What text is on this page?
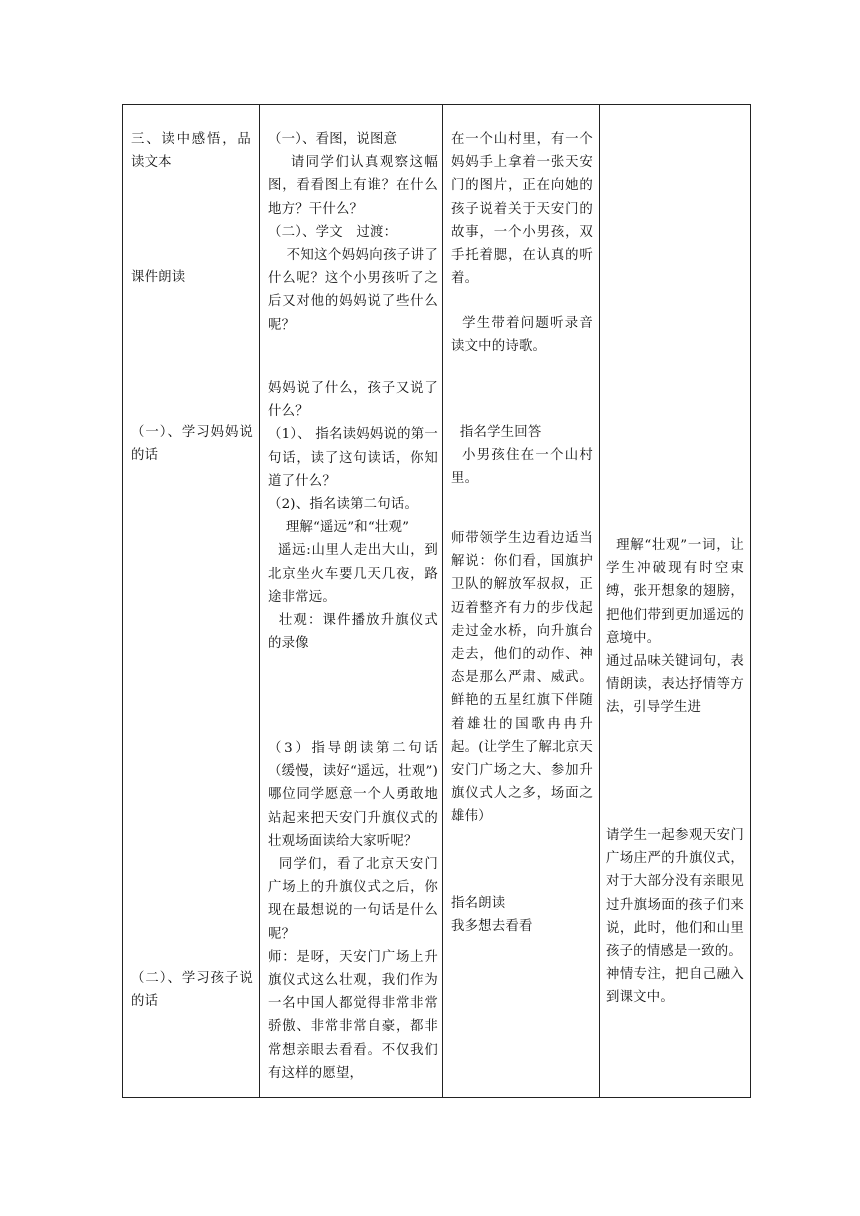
三、读中感悟，品读文本
课件朗读
（一）、学习妈妈说的话
（二）、学习孩子说的话

（一）、看图，说图意
请同学们认真观察这幅图，看看图上有谁？在什么地方？干什么？
（二）、学文　过渡：
不知这个妈妈向孩子讲了什么呢？这个小男孩听了之后又对他的妈妈说了些什么呢？
妈妈说了什么，孩子又说了什么？
（1）、 指名读妈妈说的第一句话，读了这句读话，你知道了什么？
（2)、指名读第二句话。
理解“遥远”和“壮观”
遥远:山里人走出大山，到北京坐火车要几天几夜，路途非常远。
壮观：课件播放升旗仪式的录像
（3）指导朗读第二句话（缓慢，读好“遥远，壮观”)哪位同学愿意一个人勇敢地站起来把天安门升旗仪式的壮观场面读给大家听呢？
同学们，看了北京天安门广场上的升旗仪式之后，你现在最想说的一句话是什么呢？
师：是呀，天安门广场上升旗仪式这么壮观，我们作为一名中国人都觉得非常非常骄傲、非常非常自豪，都非常想亲眼去看看。不仅我们有这样的愿望，

在一个山村里，有一个妈妈手上拿着一张天安门的图片，正在向她的孩子说着关于天安门的故事，一个小男孩，双手托着腮，在认真的听着。
学生带着问题听录音读文中的诗歌。
指名学生回答
小男孩住在一个山村里。
师带领学生边看边适当解说：你们看，国旗护卫队的解放军叔叔，正迈着整齐有力的步伐起走过金水桥，向升旗台走去，他们的动作、神态是那么严肃、威武。鲜艳的五星红旗下伴随着雄壮的国歌冉冉升起。(让学生了解北京天安门广场之大、参加升旗仪式人之多，场面之雄伟）
指名朗读
我多想去看看

理解“壮观”一词，让学生冲破现有时空束缚，张开想象的翅膀，把他们带到更加遥远的意境中。
通过品味关键词句，表情朗读，表达抒情等方法，引导学生进
请学生一起参观天安门广场庄严的升旗仪式，对于大部分没有亲眼见过升旗场面的孩子们来说，此时，他们和山里孩子的情感是一致的。
神情专注，把自己融入到课文中。
